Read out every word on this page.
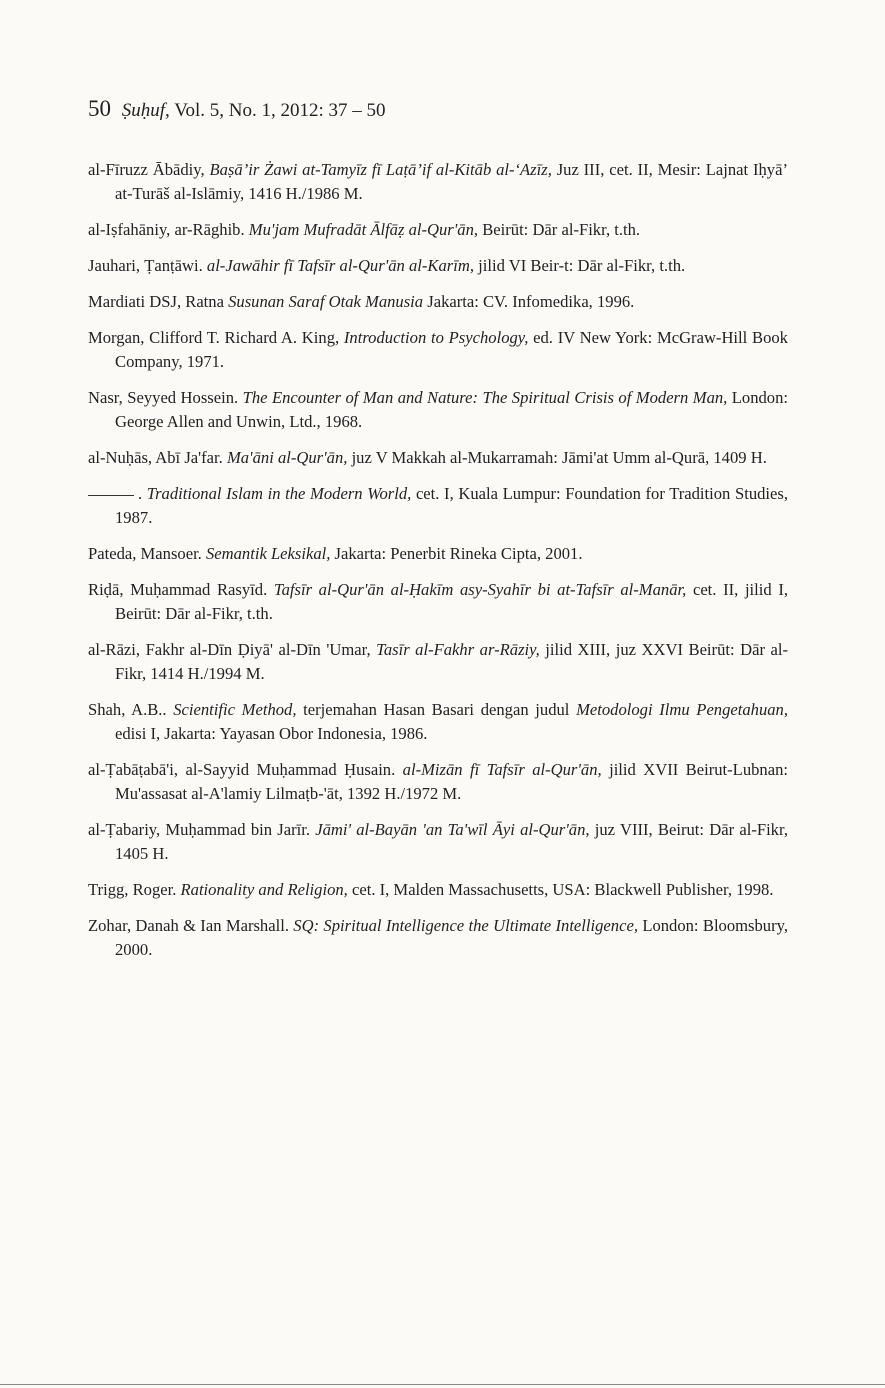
50 Ṣuḥuf, Vol. 5, No. 1, 2012: 37 – 50

al-Fīruzz Ābādiy, Baṣā’ir Żawi at-Tamyīz fī Laṭā’if al-Kitāb al-‘Azīz, Juz III, cet. II, Mesir: Lajnat Iḥyā’ at-Turāš al-Islāmiy, 1416 H./1986 M.

al-Iṣfahāniy, ar-Rāghib. Mu'jam Mufradāt Ālfāẓ al-Qur'ān, Beirūt: Dār al-Fikr, t.th.

Jauhari, Ṭanṭāwi. al-Jawāhir fī Tafsīr al-Qur'ān al-Karīm, jilid VI Beir-t: Dār al-Fikr, t.th.

Mardiati DSJ, Ratna Susunan Saraf Otak Manusia Jakarta: CV. Infomedika, 1996.

Morgan, Clifford T. Richard A. King, Introduction to Psychology, ed. IV New York: McGraw-Hill Book Company, 1971.

Nasr, Seyyed Hossein. The Encounter of Man and Nature: The Spiritual Crisis of Modern Man, London: George Allen and Unwin, Ltd., 1968.

al-Nuḥās, Abī Ja'far. Ma'āni al-Qur'ān, juz V Makkah al-Mukarramah: Jāmi'at Umm al-Qurā, 1409 H.

. Traditional Islam in the Modern World, cet. I, Kuala Lumpur: Foundation for Tradition Studies, 1987.

Pateda, Mansoer. Semantik Leksikal, Jakarta: Penerbit Rineka Cipta, 2001.

Riḍā, Muḥammad Rasyīd. Tafsīr al-Qur'ān al-Ḥakīm asy-Syahīr bi at-Tafsīr al-Manār, cet. II, jilid I, Beirūt: Dār al-Fikr, t.th.

al-Rāzi, Fakhr al-Dīn Ḍiyā' al-Dīn 'Umar, Tasīr al-Fakhr ar-Rāziy, jilid XIII, juz XXVI Beirūt: Dār al-Fikr, 1414 H./1994 M.

Shah, A.B.. Scientific Method, terjemahan Hasan Basari dengan judul Metodologi Ilmu Pengetahuan, edisi I, Jakarta: Yayasan Obor Indonesia, 1986.

al-Ṭabāṭabā'i, al-Sayyid Muḥammad Ḥusain. al-Mizān fī Tafsīr al-Qur'ān, jilid XVII Beirut-Lubnan: Mu'assasat al-A'lamiy Lilmaṭb-'āt, 1392 H./1972 M.

al-Ṭabariy, Muḥammad bin Jarīr. Jāmi' al-Bayān 'an Ta'wīl Āyi al-Qur'ān, juz VIII, Beirut: Dār al-Fikr, 1405 H.

Trigg, Roger. Rationality and Religion, cet. I, Malden Massachusetts, USA: Blackwell Publisher, 1998.

Zohar, Danah & Ian Marshall. SQ: Spiritual Intelligence the Ultimate Intelligence, London: Bloomsbury, 2000.
